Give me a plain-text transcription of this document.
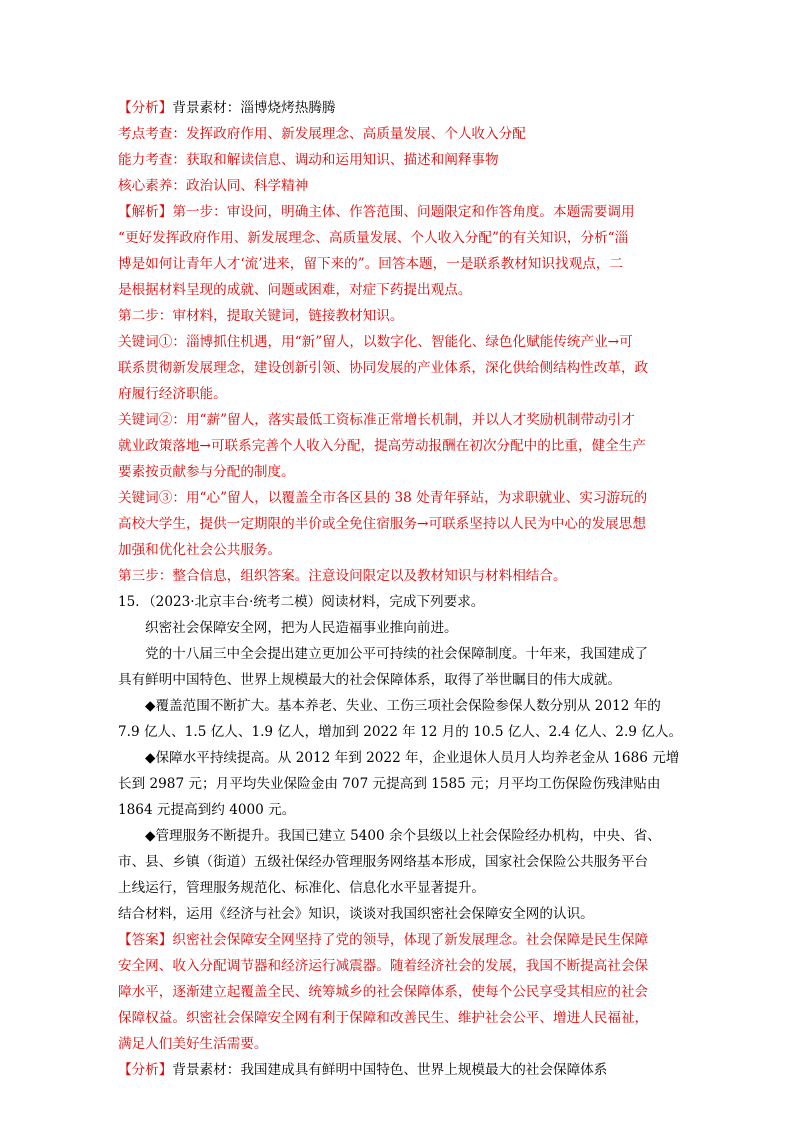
【分析】背景素材：淄博烧烤热腾腾
考点考查：发挥政府作用、新发展理念、高质量发展、个人收入分配
能力考查：获取和解读信息、调动和运用知识、描述和阐释事物
核心素养：政治认同、科学精神
【解析】第一步：审设问，明确主体、作答范围、问题限定和作答角度。本题需要调用
“更好发挥政府作用、新发展理念、高质量发展、个人收入分配”的有关知识，分析“淄
博是如何让青年人才‘流’进来，留下来的”。回答本题，一是联系教材知识找观点，二
是根据材料呈现的成就、问题或困难，对症下药提出观点。
第二步：审材料，提取关键词，链接教材知识。
关键词①：淄博抓住机遇，用“新”留人，以数字化、智能化、绿色化赋能传统产业→可
联系贯彻新发展理念，建设创新引领、协同发展的产业体系，深化供给侧结构性改革，政
府履行经济职能。
关键词②：用“薪”留人，落实最低工资标准正常增长机制，并以人才奖励机制带动引才
就业政策落地→可联系完善个人收入分配，提高劳动报酬在初次分配中的比重，健全生产
要素按贡献参与分配的制度。
关键词③：用“心”留人，以覆盖全市各区县的 38 处青年驿站，为求职就业、实习游玩的
高校大学生，提供一定期限的半价或全免住宿服务→可联系坚持以人民为中心的发展思想
加强和优化社会公共服务。
第三步：整合信息，组织答案。注意设问限定以及教材知识与材料相结合。
15．（2023·北京丰台·统考二模）阅读材料，完成下列要求。
织密社会保障安全网，把为人民造福事业推向前进。
党的十八届三中全会提出建立更加公平可持续的社会保障制度。十年来，我国建成了
具有鲜明中国特色、世界上规模最大的社会保障体系，取得了举世瞩目的伟大成就。
◆覆盖范围不断扩大。基本养老、失业、工伤三项社会保险参保人数分别从 2012 年的
7.9 亿人、1.5 亿人、1.9 亿人，增加到 2022 年 12 月的 10.5 亿人、2.4 亿人、2.9 亿人。
◆保障水平持续提高。从 2012 年到 2022 年，企业退休人员月人均养老金从 1686 元增
长到 2987 元；月平均失业保险金由 707 元提高到 1585 元；月平均工伤保险伤残津贴由
1864 元提高到约 4000 元。
◆管理服务不断提升。我国已建立 5400 余个县级以上社会保险经办机构，中央、省、
市、县、乡镇（街道）五级社保经办管理服务网络基本形成，国家社会保险公共服务平台
上线运行，管理服务规范化、标准化、信息化水平显著提升。
结合材料，运用《经济与社会》知识，谈谈对我国织密社会保障安全网的认识。
【答案】织密社会保障安全网坚持了党的领导，体现了新发展理念。社会保障是民生保障
安全网、收入分配调节器和经济运行减震器。随着经济社会的发展，我国不断提高社会保
障水平，逐渐建立起覆盖全民、统筹城乡的社会保障体系，使每个公民享受其相应的社会
保障权益。织密社会保障安全网有利于保障和改善民生、维护社会公平、增进人民福祉，
满足人们美好生活需要。
【分析】背景素材：我国建成具有鲜明中国特色、世界上规模最大的社会保障体系
